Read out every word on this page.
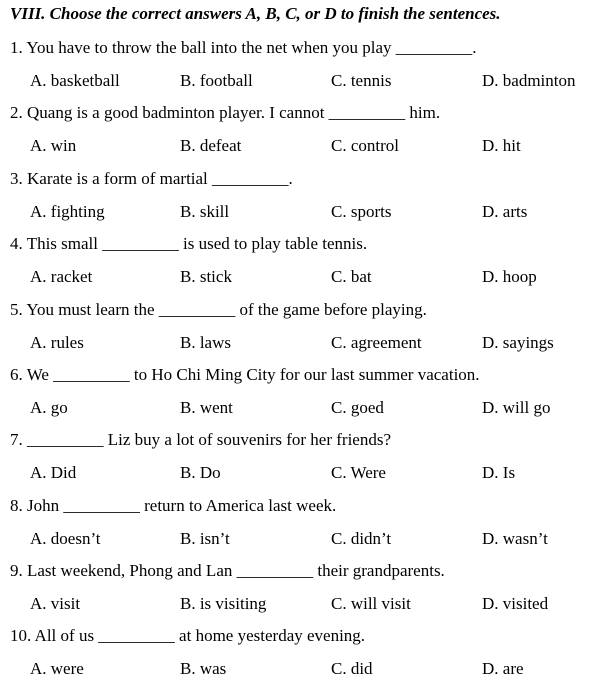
VIII. Choose the correct answers A, B, C, or D to finish the sentences.
1. You have to throw the ball into the net when you play _________.
A. basketball	B. football	C. tennis	D. badminton
2. Quang is a good badminton player. I cannot _________ him.
A. win	B. defeat	C. control	D. hit
3. Karate is a form of martial _________.
A. fighting	B. skill	C. sports	D. arts
4. This small _________ is used to play table tennis.
A. racket	B. stick	C. bat	D. hoop
5. You must learn the _________ of the game before playing.
A. rules	B. laws	C. agreement	D. sayings
6. We _________ to Ho Chi Ming City for our last summer vacation.
A. go	B. went	C. goed	D. will go
7. _________ Liz buy a lot of souvenirs for her friends?
A. Did	B. Do	C. Were	D. Is
8. John _________ return to America last week.
A. doesn’t	B. isn’t	C. didn’t	D. wasn’t
9. Last weekend, Phong and Lan _________ their grandparents.
A. visit	B. is visiting	C. will visit	D. visited
10. All of us _________ at home yesterday evening.
A. were	B. was	C. did	D. are
